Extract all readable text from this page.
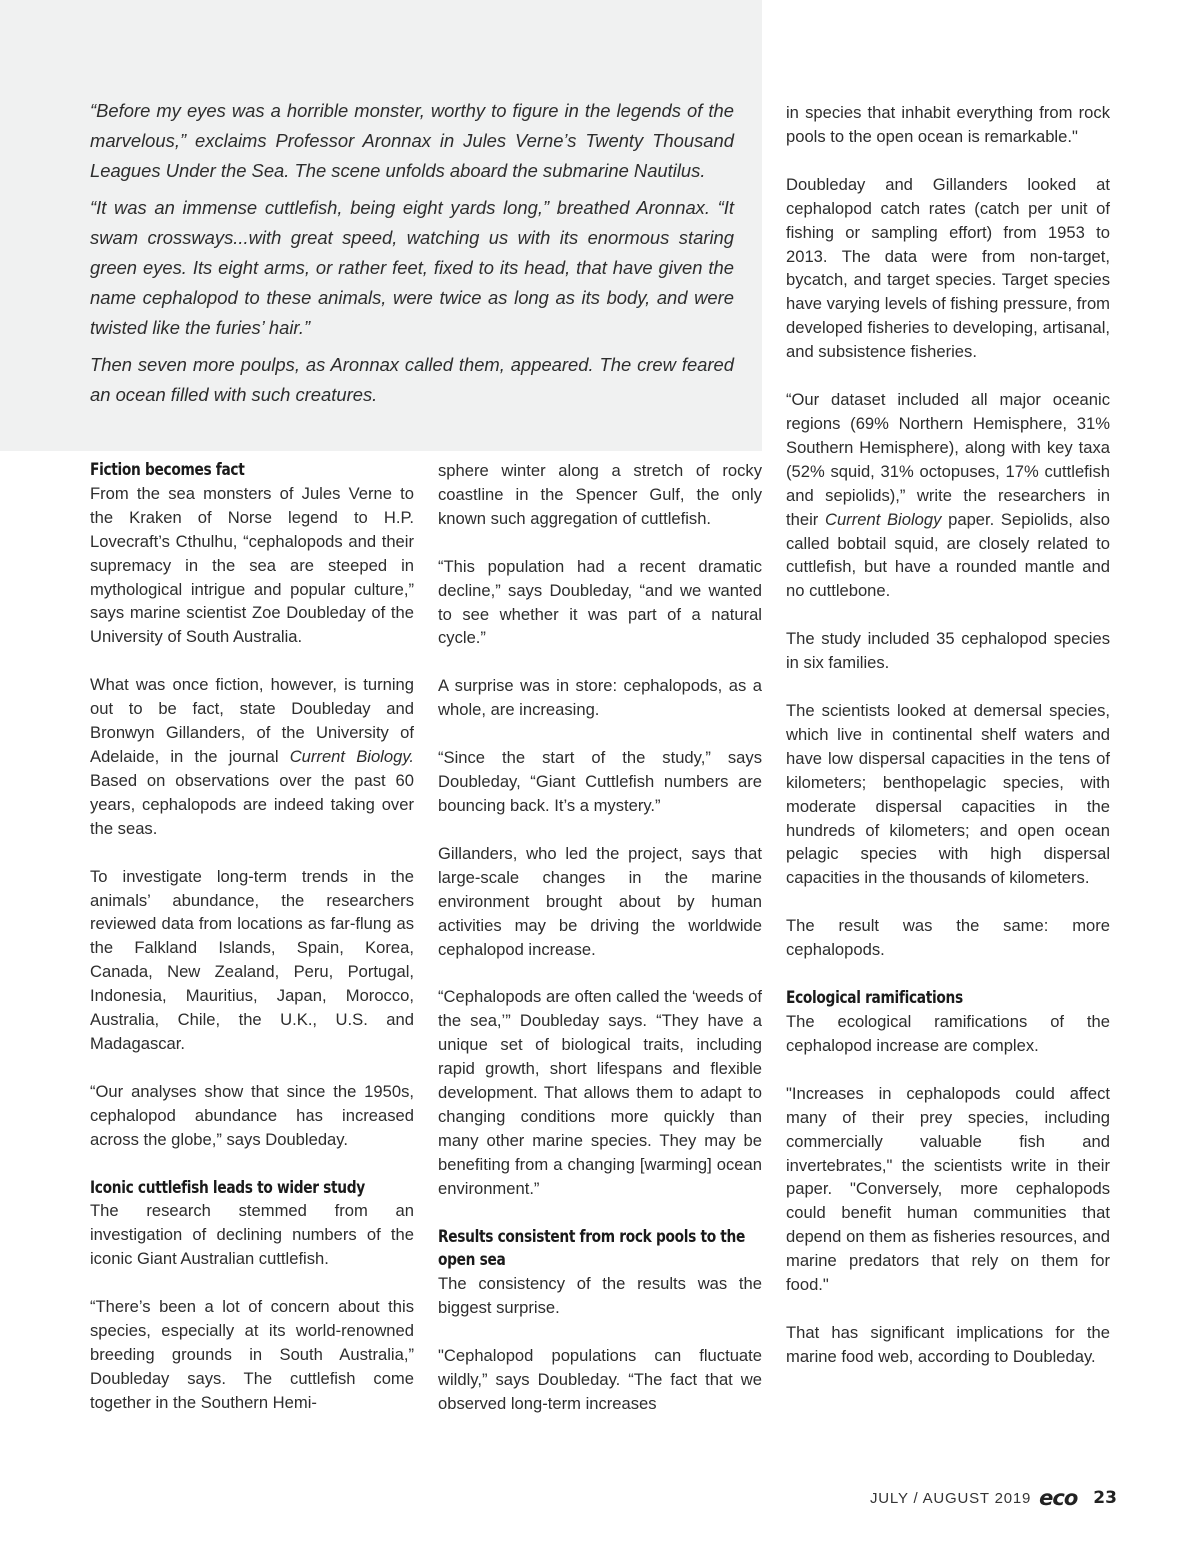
“Before my eyes was a horrible monster, worthy to figure in the legends of the marvelous,” exclaims Professor Aronnax in Jules Verne’s Twenty Thousand Leagues Under the Sea. The scene unfolds aboard the submarine Nautilus.

“It was an immense cuttlefish, being eight yards long,” breathed Aronnax. “It swam crossways...with great speed, watching us with its enormous staring green eyes. Its eight arms, or rather feet, fixed to its head, that have given the name cephalopod to these animals, were twice as long as its body, and were twisted like the furies’ hair.”

Then seven more poulps, as Aronnax called them, appeared. The crew feared an ocean filled with such creatures.

Fiction becomes fact

From the sea monsters of Jules Verne to the Kraken of Norse legend to H.P. Lovecraft’s Cthulhu, “cephalopods and their supremacy in the sea are steeped in mythological intrigue and popular culture,” says marine scientist Zoe Doubleday of the University of South Australia.

What was once fiction, however, is turning out to be fact, state Doubleday and Bronwyn Gillanders, of the University of Adelaide, in the journal Current Biology. Based on observations over the past 60 years, cephalopods are indeed taking over the seas.

To investigate long-term trends in the animals’ abundance, the researchers reviewed data from locations as far-flung as the Falkland Islands, Spain, Korea, Canada, New Zealand, Peru, Portugal, Indonesia, Mauritius, Japan, Morocco, Australia, Chile, the U.K., U.S. and Madagascar.

“Our analyses show that since the 1950s, cephalopod abundance has increased across the globe,” says Doubleday.

Iconic cuttlefish leads to wider study

The research stemmed from an investigation of declining numbers of the iconic Giant Australian cuttlefish.

“There’s been a lot of concern about this species, especially at its world-renowned breeding grounds in South Australia,” Doubleday says. The cuttlefish come together in the Southern Hemi-

sphere winter along a stretch of rocky coastline in the Spencer Gulf, the only known such aggregation of cuttlefish.

“This population had a recent dramatic decline,” says Doubleday, “and we wanted to see whether it was part of a natural cycle.”

A surprise was in store: cephalopods, as a whole, are increasing.

“Since the start of the study,” says Doubleday, “Giant Cuttlefish numbers are bouncing back. It’s a mystery.”

Gillanders, who led the project, says that large-scale changes in the marine environment brought about by human activities may be driving the worldwide cephalopod increase.

“Cephalopods are often called the ‘weeds of the sea,’” Doubleday says. “They have a unique set of biological traits, including rapid growth, short lifespans and flexible development. That allows them to adapt to changing conditions more quickly than many other marine species. They may be benefiting from a changing [warming] ocean environment.”

Results consistent from rock pools to the open sea

The consistency of the results was the biggest surprise.

"Cephalopod populations can fluctuate wildly,” says Doubleday. “The fact that we observed long-term increases

in species that inhabit everything from rock pools to the open ocean is remarkable."

Doubleday and Gillanders looked at cephalopod catch rates (catch per unit of fishing or sampling effort) from 1953 to 2013. The data were from non-target, bycatch, and target species. Target species have varying levels of fishing pressure, from developed fisheries to developing, artisanal, and subsistence fisheries.

“Our dataset included all major oceanic regions (69% Northern Hemisphere, 31% Southern Hemisphere), along with key taxa (52% squid, 31% octopuses, 17% cuttlefish and sepiolids),” write the researchers in their Current Biology paper. Sepiolids, also called bobtail squid, are closely related to cuttlefish, but have a rounded mantle and no cuttlebone.

The study included 35 cephalopod species in six families.

The scientists looked at demersal species, which live in continental shelf waters and have low dispersal capacities in the tens of kilometers; benthopelagic species, with moderate dispersal capacities in the hundreds of kilometers; and open ocean pelagic species with high dispersal capacities in the thousands of kilometers.

The result was the same: more cephalopods.

Ecological ramifications

The ecological ramifications of the cephalopod increase are complex.

"Increases in cephalopods could affect many of their prey species, including commercially valuable fish and invertebrates," the scientists write in their paper. "Conversely, more cephalopods could benefit human communities that depend on them as fisheries resources, and marine predators that rely on them for food."

That has significant implications for the marine food web, according to Doubleday.

JULY / AUGUST 2019 eco 23
